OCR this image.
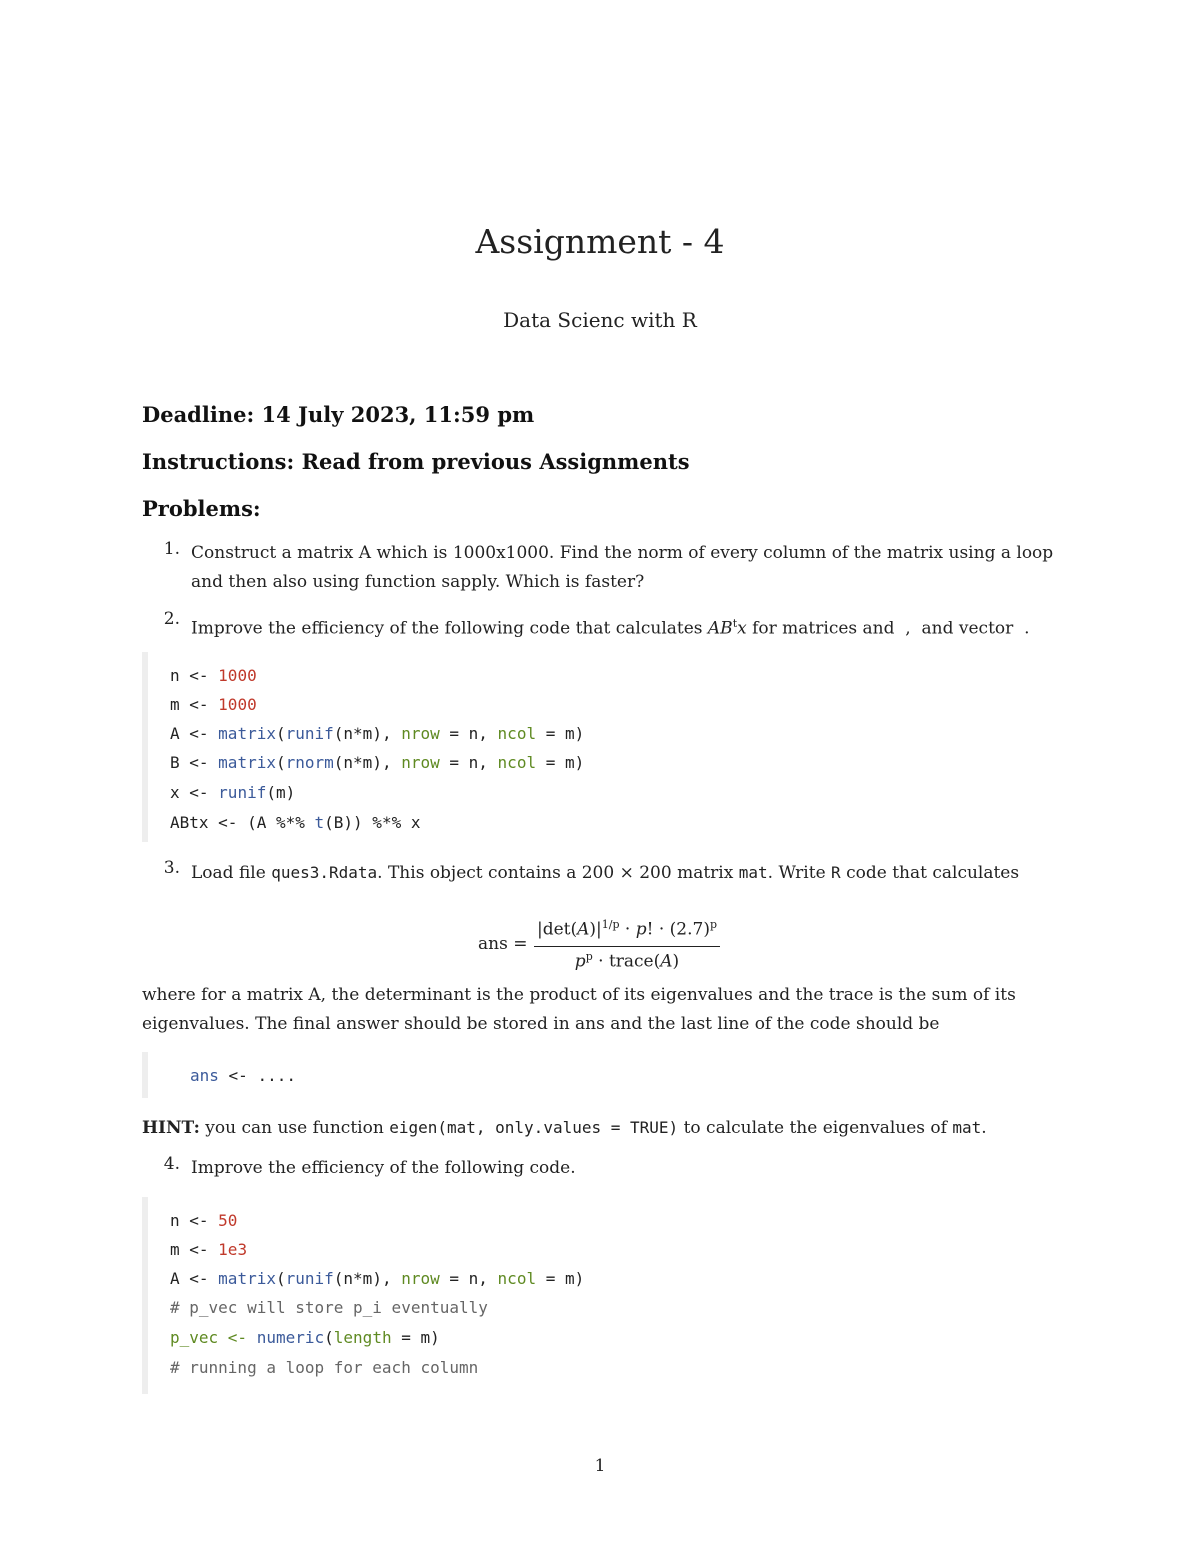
Assignment - 4
Data Scienc with R
Deadline: 14 July 2023, 11:59 pm
Instructions: Read from previous Assignments
Problems:
1. Construct a matrix A which is 1000x1000. Find the norm of every column of the matrix using a loop
and then also using function sapply. Which is faster?
2. Improve the efficiency of the following code that calculates $AB^tx$ for matrices and  ,  and vector  .
n <- 1000
m <- 1000
A <- matrix(runif(n*m), nrow = n, ncol = m)
B <- matrix(rnorm(n*m), nrow = n, ncol = m)
x <- runif(m)
ABtx <- (A %*% t(B)) %*% x
3. Load file ques3.Rdata. This object contains a 200 × 200 matrix mat. Write R code that calculates
ans =
$|\det(A)|^{1/p} \cdot p$! · $(2.7)^p$
$p^p$ · trace(A)
where for a matrix A, the determinant is the product of its eigenvalues and the trace is the sum of its
eigenvalues. The final answer should be stored in ans and the last line of the code should be
ans <- ....
HINT: you can use function eigen(mat, only.values = TRUE) to calculate the eigenvalues of mat.
4. Improve the efficiency of the following code.
n <- 50
m <- 1e3
A <- matrix(runif(n*m), nrow = n, ncol = m)
# p_vec will store p_i eventually
p_vec <- numeric(length = m)
# running a loop for each column
1
